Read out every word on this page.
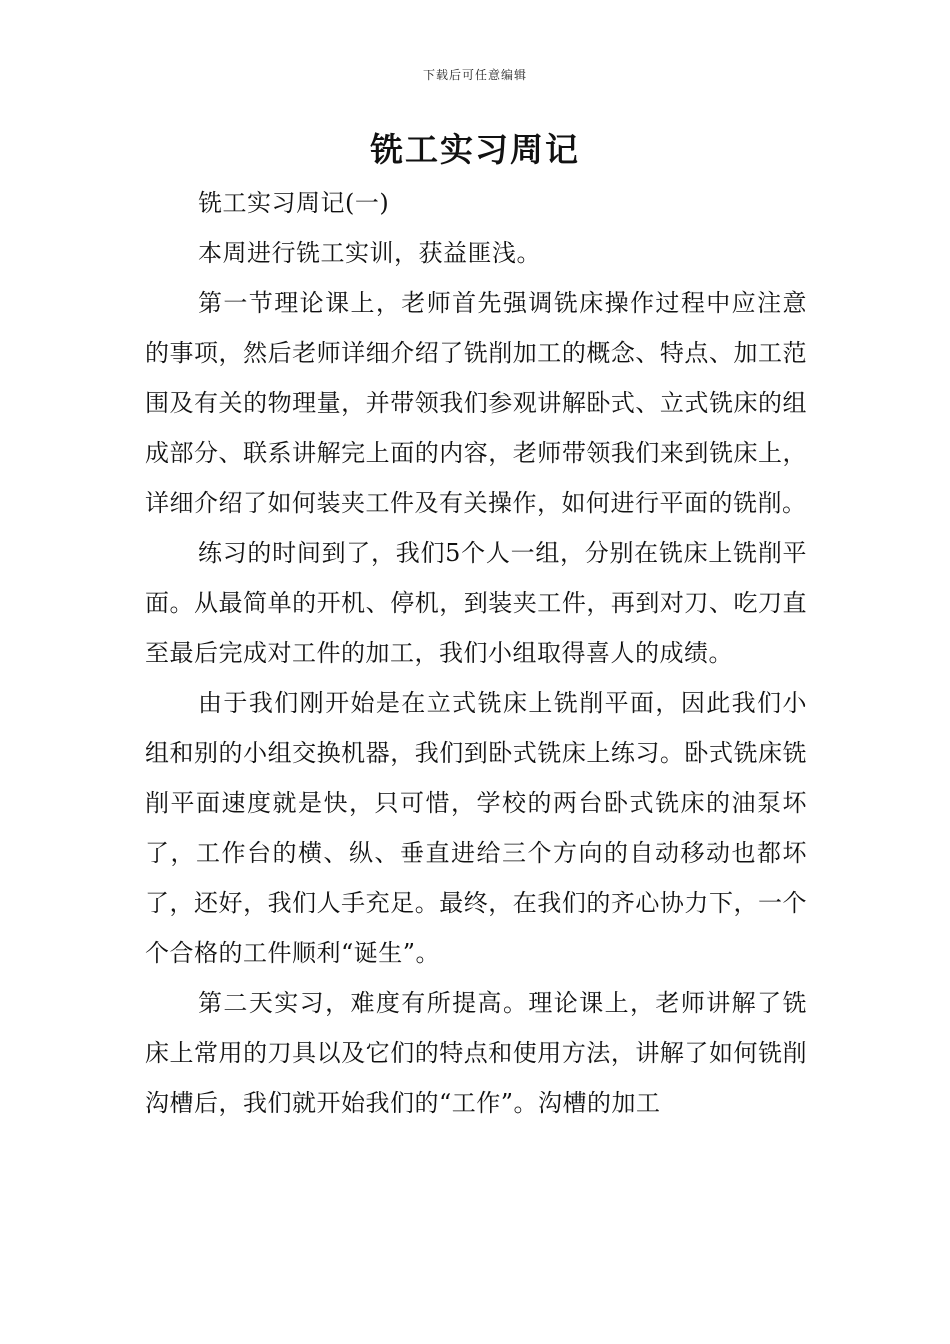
下载后可任意编辑
铣工实习周记

铣工实习周记(一)

本周进行铣工实训，获益匪浅。

第一节理论课上，老师首先强调铣床操作过程中应注意的事项，然后老师详细介绍了铣削加工的概念、特点、加工范围及有关的物理量，并带领我们参观讲解卧式、立式铣床的组成部分、联系讲解完上面的内容，老师带领我们来到铣床上，详细介绍了如何装夹工件及有关操作，如何进行平面的铣削。

练习的时间到了，我们5个人一组，分别在铣床上铣削平面。从最简单的开机、停机，到装夹工件，再到对刀、吃刀直至最后完成对工件的加工，我们小组取得喜人的成绩。

由于我们刚开始是在立式铣床上铣削平面，因此我们小组和别的小组交换机器，我们到卧式铣床上练习。卧式铣床铣削平面速度就是快，只可惜，学校的两台卧式铣床的油泵坏了，工作台的横、纵、垂直进给三个方向的自动移动也都坏了，还好，我们人手充足。最终，在我们的齐心协力下，一个个合格的工件顺利“诞生”。

第二天实习，难度有所提高。理论课上，老师讲解了铣床上常用的刀具以及它们的特点和使用方法，讲解了如何铣削沟槽后，我们就开始我们的“工作”。沟槽的加工
